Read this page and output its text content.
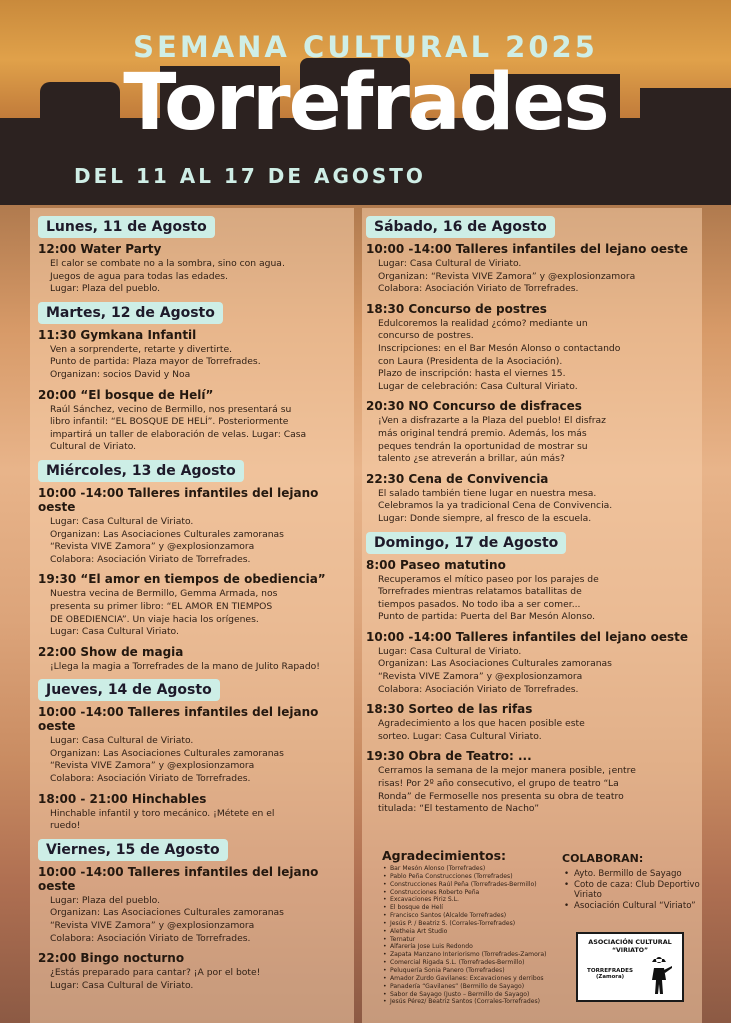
SEMANA CULTURAL 2025
Torrefrades
DEL 11 AL 17 DE AGOSTO
Lunes, 11 de Agosto
12:00 Water Party
El calor se combate no a la sombra, sino con agua.
Juegos de agua para todas las edades.
Lugar: Plaza del pueblo.
Martes, 12 de Agosto
11:30 Gymkana Infantil
Ven a sorprenderte, retarte y divertirte.
Punto de partida: Plaza mayor de Torrefrades.
Organizan: socios David y Noa
20:00 “El bosque de Helí”
Raúl Sánchez, vecino de Bermillo, nos presentará su
libro infantil: “EL BOSQUE DE HELÍ”. Posteriormente
impartirá un taller de elaboración de velas. Lugar: Casa
Cultural de Viriato.
Miércoles, 13 de Agosto
10:00 -14:00 Talleres infantiles del lejano oeste
Lugar: Casa Cultural de Viriato.
Organizan: Las Asociaciones Culturales zamoranas
“Revista VIVE Zamora” y @explosionzamora
Colabora: Asociación Viriato de Torrefrades.
19:30 “El amor en tiempos de obediencia”
Nuestra vecina de Bermillo, Gemma Armada, nos
presenta su primer libro: “EL AMOR EN TIEMPOS
DE OBEDIENCIA”. Un viaje hacia los orígenes.
Lugar: Casa Cultural Viriato.
22:00 Show de magia
¡Llega la magia a Torrefrades de la mano de Julito Rapado!
Jueves, 14 de Agosto
10:00 -14:00 Talleres infantiles del lejano oeste
Lugar: Casa Cultural de Viriato.
Organizan: Las Asociaciones Culturales zamoranas
“Revista VIVE Zamora” y @explosionzamora
Colabora: Asociación Viriato de Torrefrades.
18:00 - 21:00 Hinchables
Hinchable infantil y toro mecánico. ¡Métete en el
ruedo!
Viernes, 15 de Agosto
10:00 -14:00 Talleres infantiles del lejano oeste
Lugar: Plaza del pueblo.
Organizan: Las Asociaciones Culturales zamoranas
“Revista VIVE Zamora” y @explosionzamora
Colabora: Asociación Viriato de Torrefrades.
22:00 Bingo nocturno
¿Estás preparado para cantar? ¡A por el bote!
Lugar: Casa Cultural de Viriato.
Sábado, 16 de Agosto
10:00 -14:00 Talleres infantiles del lejano oeste
Lugar: Casa Cultural de Viriato.
Organizan: “Revista VIVE Zamora” y @explosionzamora
Colabora: Asociación Viriato de Torrefrades.
18:30 Concurso de postres
Edulcoremos la realidad ¿cómo? mediante un
concurso de postres.
Inscripciones: en el Bar Mesón Alonso o contactando
con Laura (Presidenta de la Asociación).
Plazo de inscripción: hasta el viernes 15.
Lugar de celebración: Casa Cultural Viriato.
20:30 NO Concurso de disfraces
¡Ven a disfrazarte a la Plaza del pueblo! El disfraz
más original tendrá premio. Además, los más
peques tendrán la oportunidad de mostrar su
talento ¿se atreverán a brillar, aún más?
22:30 Cena de Convivencia
El salado también tiene lugar en nuestra mesa.
Celebramos la ya tradicional Cena de Convivencia.
Lugar: Donde siempre, al fresco de la escuela.
Domingo, 17 de Agosto
8:00 Paseo matutino
Recuperamos el mítico paseo por los parajes de
Torrefrades mientras relatamos batallitas de
tiempos pasados. No todo iba a ser comer...
Punto de partida: Puerta del Bar Mesón Alonso.
10:00 -14:00 Talleres infantiles del lejano oeste
Lugar: Casa Cultural de Viriato.
Organizan: Las Asociaciones Culturales zamoranas
“Revista VIVE Zamora” y @explosionzamora
Colabora: Asociación Viriato de Torrefrades.
18:30 Sorteo de las rifas
Agradecimiento a los que hacen posible este
sorteo. Lugar: Casa Cultural Viriato.
19:30 Obra de Teatro: ...
Cerramos la semana de la mejor manera posible, ¡entre
risas! Por 2º año consecutivo, el grupo de teatro “La
Ronda” de Fermoselle nos presenta su obra de teatro
titulada: “El testamento de Nacho”
Agradecimientos:
• Bar Mesón Alonso (Torrefrades)
• Pablo Peña Construcciones (Torrefrades)
• Construcciones Raúl Peña (Torrefrades-Bermillo)
• Construcciones Roberto Peña
• Excavaciones Piriz S.L.
• El bosque de Helí
• Francisco Santos (Alcalde Torrefrades)
• Jesús P. / Beatriz S. (Corrales-Torrefrades)
• Aletheia Art Studio
• Ternatur
• Alfarería Jose Luis Redondo
• Zapata Manzano Interiorismo (Torrefrades-Zamora)
• Comercial Rigada S.L. (Torrefrades-Bermillo)
• Peluquería Sonia Panero (Torrefrades)
• Amador Zurdo Gavilanes: Excavaciones y derribos
• Panadería “Gavilanes” (Bermillo de Sayago)
• Sabor de Sayago (Justo – Bermillo de Sayago)
• Jesús Pérez/ Beatriz Santos (Corrales-Torrefrades)
COLABORAN:
• Ayto. Bermillo de Sayago
• Coto de caza: Club Deportivo Viriato
• Asociación Cultural “Viriato”
ASOCIACIÓN CULTURAL
“VIRIATO”
TORREFRADES
(Zamora)
